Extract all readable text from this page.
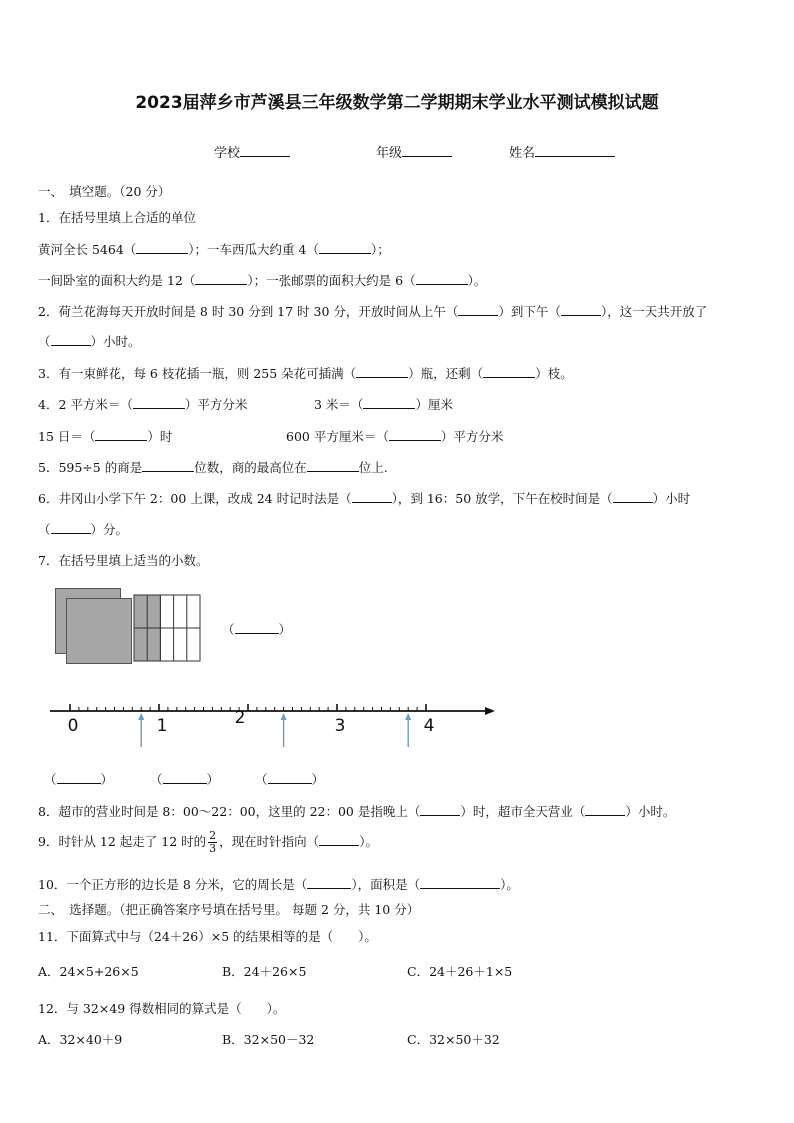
2023届萍乡市芦溪县三年级数学第二学期期末学业水平测试模拟试题
学校	年级	姓名
一、　填空题。（20 分）
1．在括号里填上合适的单位
黄河全长 5464（	）；一车西瓜大约重 4（	）；
一间卧室的面积大约是 12（	）；一张邮票的面积大约是 6（	）。
2．荷兰花海每天开放时间是 8 时 30 分到 17 时 30 分，开放时间从上午（	）到下午（	），这一天共开放了
（	）小时。
3．有一束鲜花，每 6 枝花插一瓶，则 255 朵花可插满（	）瓶，还剩（	）枝。
4．2 平方米＝（	）平方分米	3 米＝（	）厘米
15 日＝（	）时	600 平方厘米＝（	）平方分米
5．595÷5 的商是	位数，商的最高位在	位上.
6．井冈山小学下午 2：00 上课，改成 24 时记时法是（	），到 16：50 放学，下午在校时间是（	）小时
（	）分。
7．在括号里填上适当的小数。
（	）
0	1	2	3	4
（	）	（	）	（	）
8．超市的营业时间是 8：00～22：00，这里的 22：00 是指晚上（	）时，超市全天营业（	）小时。
9．时针从 12 起走了 12 时的 $\frac{2}{3}$ ，现在时针指向（	）。
10．一个正方形的边长是 8 分米，它的周长是（	），面积是（	）。
二、　选择题。（把正确答案序号填在括号里。 每题 2 分，共 10 分）
11．下面算式中与（24＋26）×5 的结果相等的是（　　）。
A．24×5+26×5	B．24＋26×5	C．24＋26＋1×5
12．与 32×49 得数相同的算式是（　　）。
A．32×40＋9	B．32×50－32	C．32×50＋32
